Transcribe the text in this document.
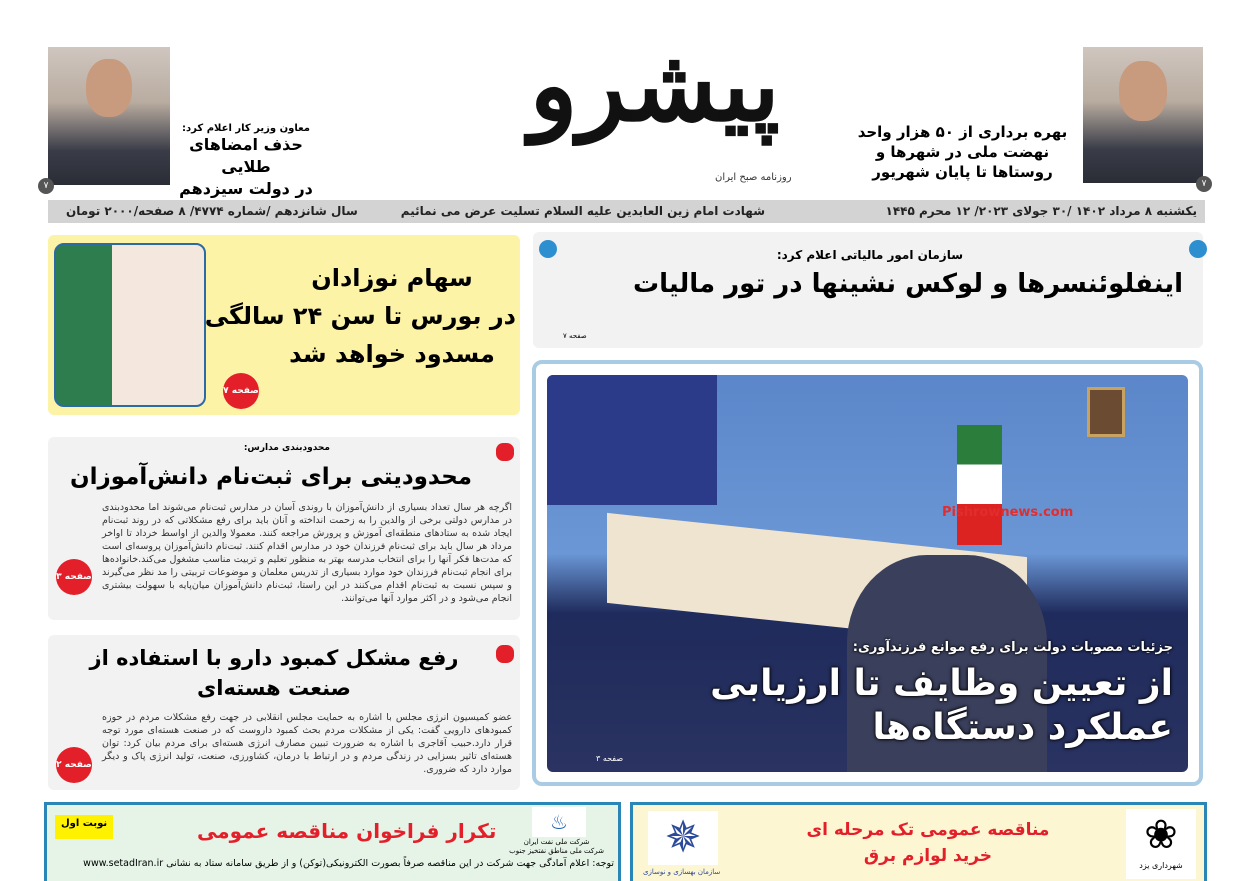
۷
معاون وزیر کار اعلام کرد:
حذف امضاهای طلایی
در دولت سیزدهم
پیشرو
روزنامه صبح ایران
بهره برداری از ۵۰ هزار واحد
نهضت ملی در شهرها و
روستاها تا پایان شهریور
۷
یکشنبه ۸ مرداد ۱۴۰۲ /۳۰ جولای ۲۰۲۳/ ۱۲ محرم ۱۴۴۵
شهادت امام زین العابدین علیه السلام تسلیت عرض می نمائیم
سال شانزدهم /شماره ۴۷۷۴/ ۸ صفحه/۲۰۰۰ تومان
سازمان امور مالیاتی اعلام کرد:
اینفلوئنسرها و لوکس نشینها در تور مالیات
صفحه ۷
سهام نوزادان
در بورس تا سن ۲۴ سالگی
مسدود خواهد شد
صفحه ۷
Pishrownews.com
جزئیات مصوبات دولت برای رفع موانع فرزندآوری:
از تعیین وظایف تا ارزیابی
عملکرد دستگاه‌ها
صفحه ۳
محدودبندی مدارس:
محدودیتی برای ثبت‌نام دانش‌آموزان
اگرچه هر سال تعداد بسیاری از دانش‌آموزان با روندی آسان در مدارس ثبت‌نام می‌شوند اما محدودبندی در مدارس دولتی برخی از والدین را به زحمت انداخته و آنان باید برای رفع مشکلاتی که در روند ثبت‌نام ایجاد شده به ستادهای منطقه‌ای آموزش و پرورش مراجعه کنند. معمولا والدین از اواسط خرداد تا اواخر مرداد هر سال باید برای ثبت‌نام فرزندان خود در مدارس اقدام کنند. ثبت‌نام دانش‌آموزان پروسه‌ای است که مدت‌ها فکر آنها را برای انتخاب مدرسه بهتر به منظور تعلیم و تربیت مناسب مشغول می‌کند.خانواده‌ها برای انجام ثبت‌نام فرزندان خود موارد بسیاری از تدریس معلمان و موضوعات تربیتی را مد نظر می‌گیرند و سپس نسبت به ثبت‌نام اقدام می‌کنند در این راستا، ثبت‌نام دانش‌آموزان میان‌پایه با سهولت بیشتری انجام می‌شود و در اکثر موارد آنها می‌توانند.
صفحه ۳
رفع مشکل کمبود دارو با استفاده از
صنعت هسته‌ای
عضو کمیسیون انرژی مجلس با اشاره به حمایت مجلس انقلابی در جهت رفع مشکلات مردم در حوزه کمبودهای دارویی گفت: یکی از مشکلات مردم بحث کمبود داروست که در صنعت هسته‌ای مورد توجه قرار دارد.حبیب آقاجری با اشاره به ضرورت تبیین مصارف انرژی هسته‌ای برای مردم بیان کرد: توان هسته‌ای تاثیر بسزایی در زندگی مردم و در ارتباط با درمان، کشاورزی، صنعت، تولید انرژی پاک و دیگر موارد دارد که ضروری.
صفحه ۲
نوبت اول	تکرار فراخوان مناقصه عمومی	♨
شرکت ملی نفت ایران
شرکت ملی مناطق نفتخیز جنوب
توجه: اعلام آمادگی جهت شرکت در این مناقصه صرفاً بصورت الکترونیکی(توکن) و از طریق سامانه ستاد به نشانی www.setadIran.ir
✵
سازمان بهسازی و نوسازی
مناقصه عمومی تک مرحله ای
خرید لوازم برق	❀
شهرداری یزد
